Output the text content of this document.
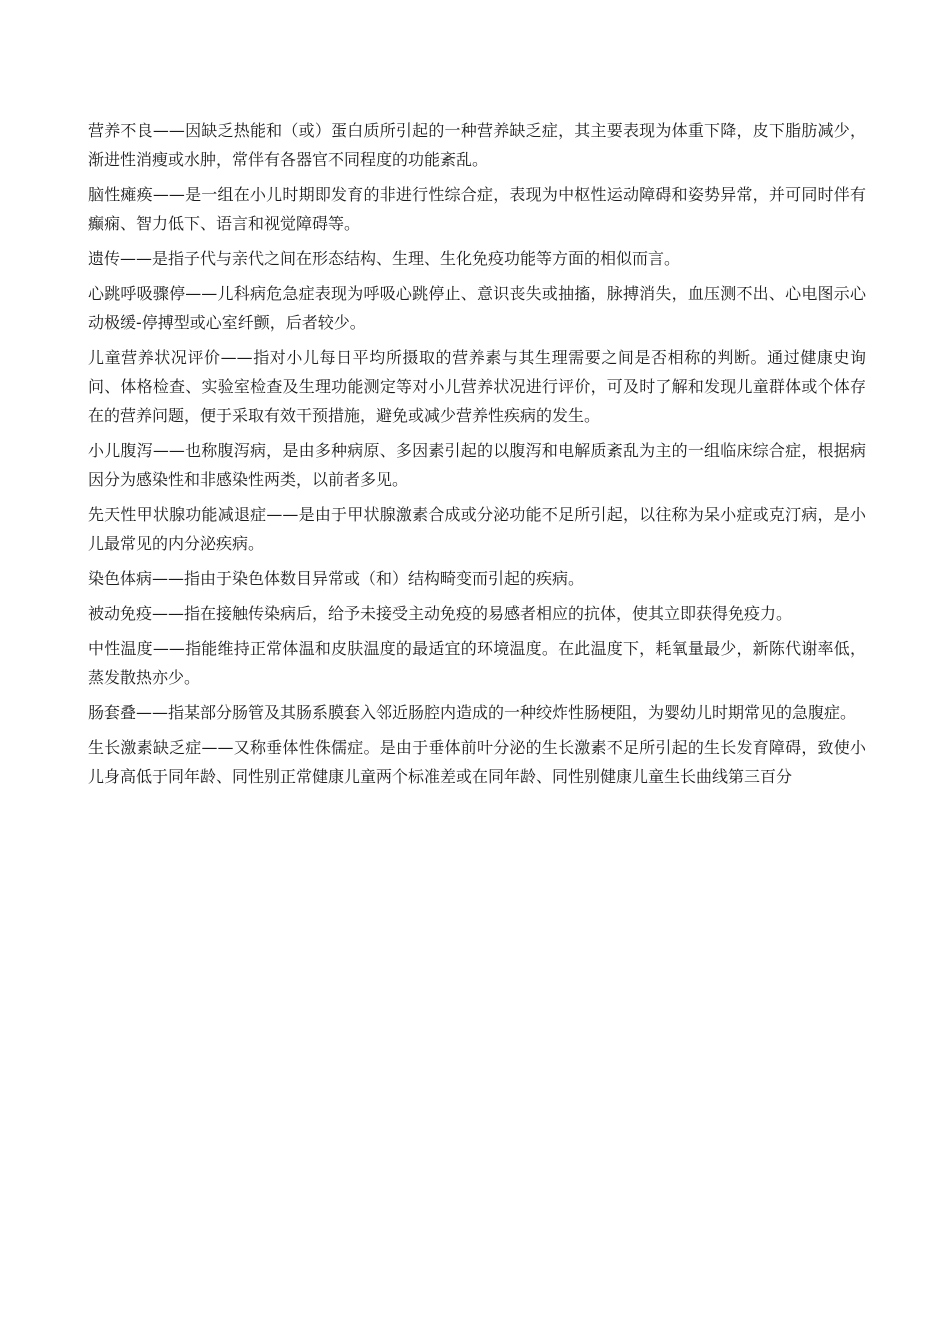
营养不良——因缺乏热能和（或）蛋白质所引起的一种营养缺乏症，其主要表现为体重下降，皮下脂肪减少，渐进性消瘦或水肿，常伴有各器官不同程度的功能紊乱。

脑性瘫痪——是一组在小儿时期即发育的非进行性综合症，表现为中枢性运动障碍和姿势异常，并可同时伴有癫痫、智力低下、语言和视觉障碍等。

遗传——是指子代与亲代之间在形态结构、生理、生化免疫功能等方面的相似而言。

心跳呼吸骤停——儿科病危急症表现为呼吸心跳停止、意识丧失或抽搐，脉搏消失，血压测不出、心电图示心动极缓-停搏型或心室纤颤，后者较少。

儿童营养状况评价——指对小儿每日平均所摄取的营养素与其生理需要之间是否相称的判断。通过健康史询问、体格检查、实验室检查及生理功能测定等对小儿营养状况进行评价，可及时了解和发现儿童群体或个体存在的营养问题，便于采取有效干预措施，避免或减少营养性疾病的发生。

小儿腹泻——也称腹泻病，是由多种病原、多因素引起的以腹泻和电解质紊乱为主的一组临床综合症，根据病因分为感染性和非感染性两类，以前者多见。

先天性甲状腺功能减退症——是由于甲状腺激素合成或分泌功能不足所引起，以往称为呆小症或克汀病，是小儿最常见的内分泌疾病。

染色体病——指由于染色体数目异常或（和）结构畸变而引起的疾病。

被动免疫——指在接触传染病后，给予未接受主动免疫的易感者相应的抗体，使其立即获得免疫力。

中性温度——指能维持正常体温和皮肤温度的最适宜的环境温度。在此温度下，耗氧量最少，新陈代谢率低，蒸发散热亦少。

肠套叠——指某部分肠管及其肠系膜套入邻近肠腔内造成的一种绞炸性肠梗阻，为婴幼儿时期常见的急腹症。

生长激素缺乏症——又称垂体性侏儒症。是由于垂体前叶分泌的生长激素不足所引起的生长发育障碍，致使小儿身高低于同年龄、同性别正常健康儿童两个标准差或在同年龄、同性别健康儿童生长曲线第三百分
